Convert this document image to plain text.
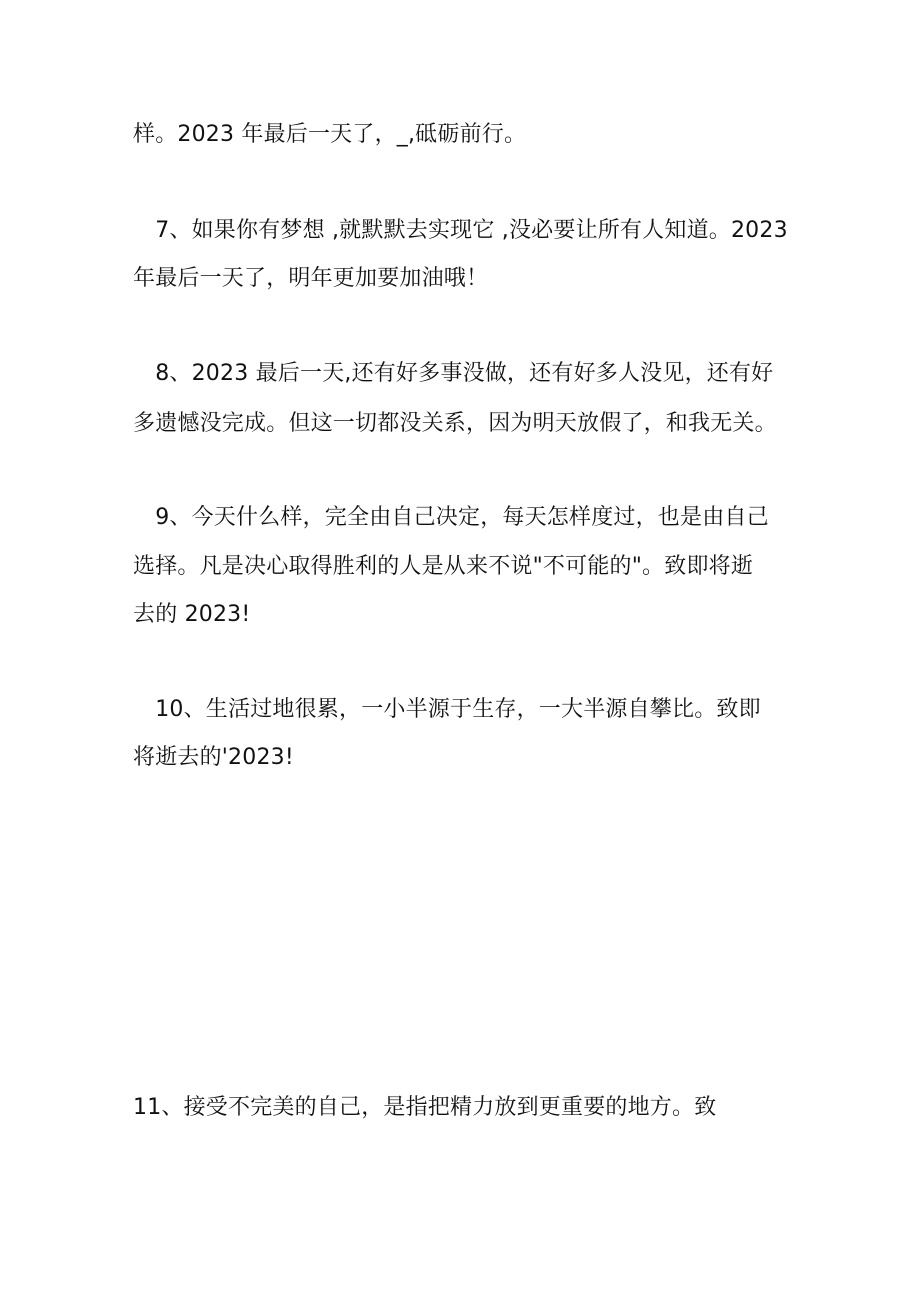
样。2023 年最后一天了，_,砥砺前行。
　7、如果你有梦想 ,就默默去实现它 ,没必要让所有人知道。2023
年最后一天了，明年更加要加油哦！
　8、2023 最后一天,还有好多事没做，还有好多人没见，还有好
多遗憾没完成。但这一切都没关系，因为明天放假了，和我无关。
　9、今天什么样，完全由自己决定，每天怎样度过，也是由自己
选择。凡是决心取得胜利的人是从来不说"不可能的"。致即将逝
去的 2023!
　10、生活过地很累，一小半源于生存，一大半源自攀比。致即
将逝去的'2023!
11、接受不完美的自己，是指把精力放到更重要的地方。致
